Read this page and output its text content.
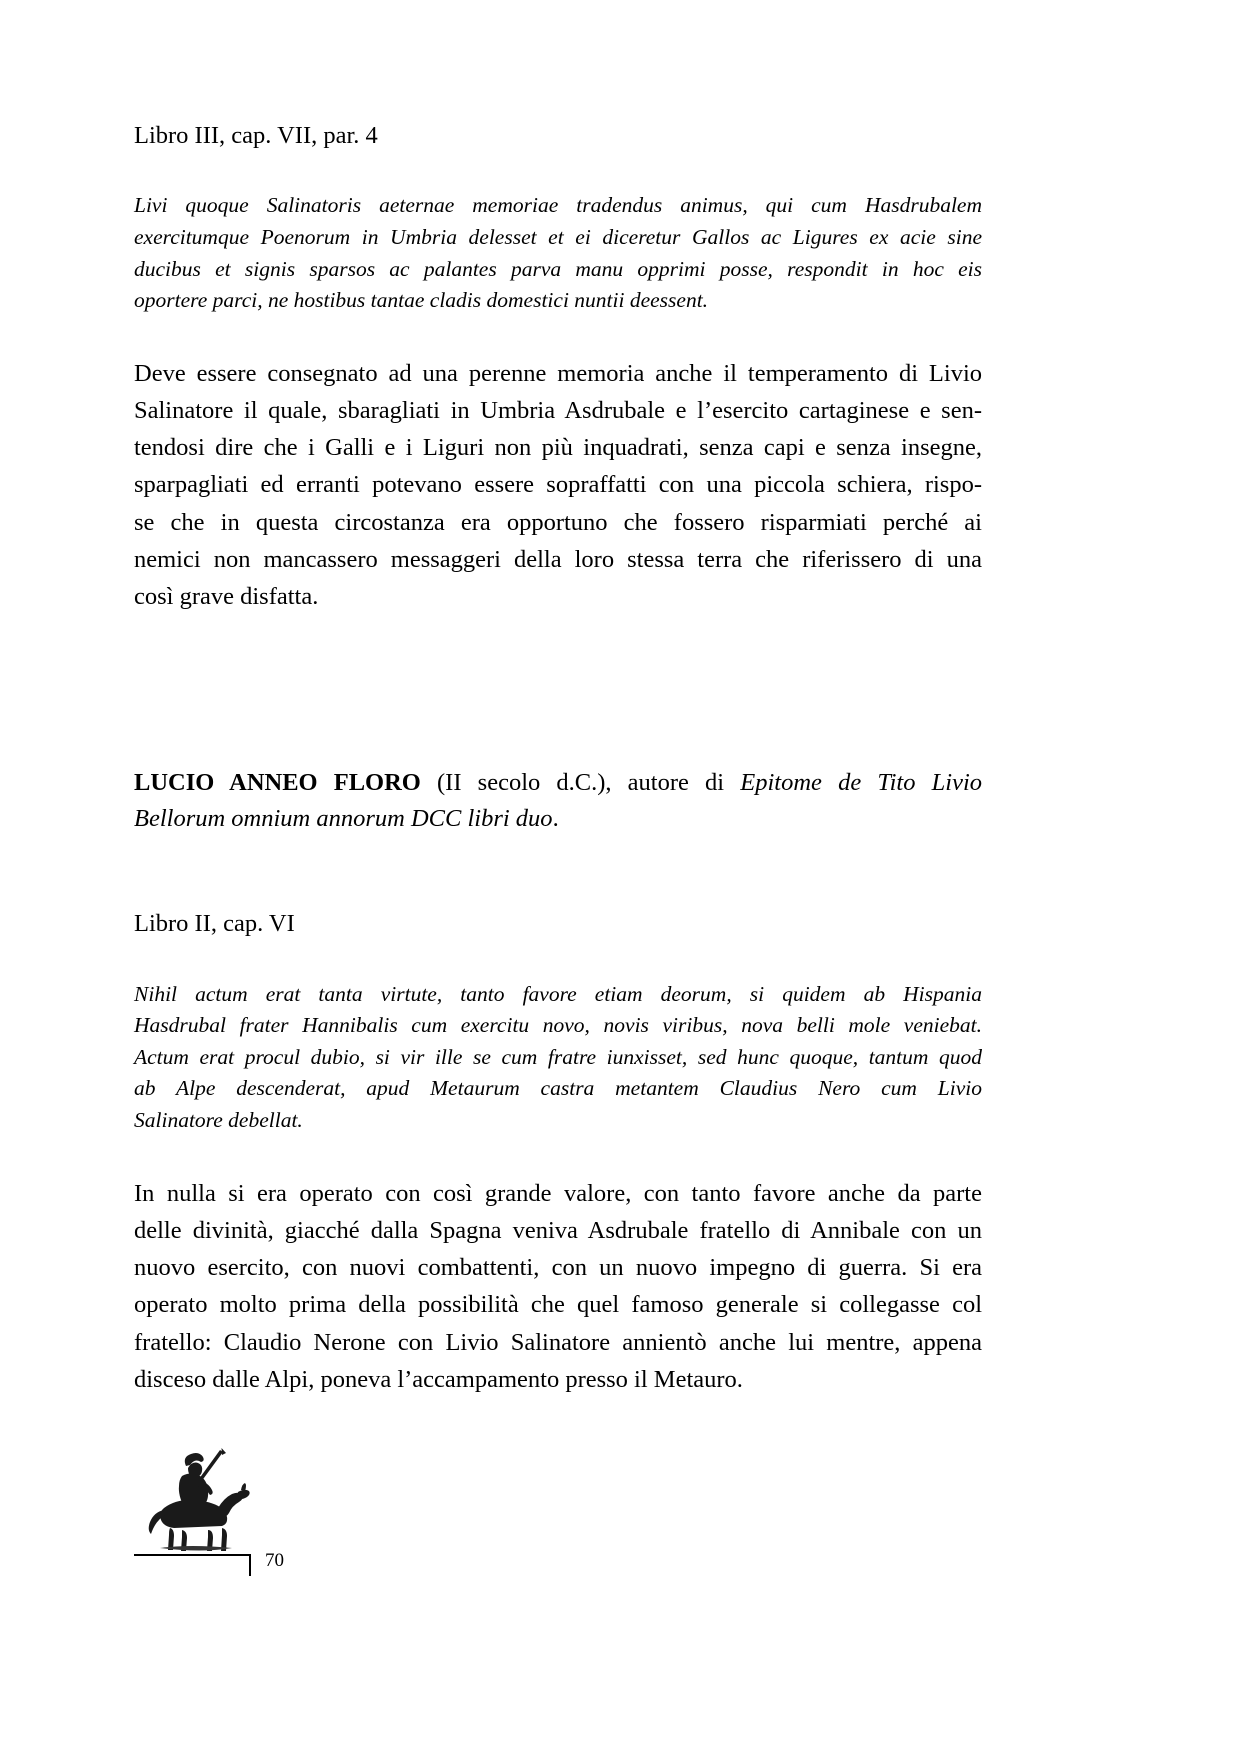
Libro III, cap. VII, par. 4

Livi quoque Salinatoris aeternae memoriae tradendus animus, qui cum Hasdrubalem
exercitumque Poenorum in Umbria delesset et ei diceretur Gallos ac Ligures ex acie sine
ducibus et signis sparsos ac palantes parva manu opprimi posse, respondit in hoc eis
oportere parci, ne hostibus tantae cladis domestici nuntii deessent.
Deve essere consegnato ad una perenne memoria anche il temperamento di Livio
Salinatore il quale, sbaragliati in Umbria Asdrubale e l’esercito cartaginese e sen-
tendosi dire che i Galli e i Liguri non più inquadrati, senza capi e senza insegne,
sparpagliati ed erranti potevano essere sopraffatti con una piccola schiera, rispo-
se che in questa circostanza era opportuno che fossero risparmiati perché ai
nemici non mancassero messaggeri della loro stessa terra che riferissero di una
così grave disfatta.
LUCIO ANNEO FLORO (II secolo d.C.), autore di Epitome de Tito Livio
Bellorum omnium annorum DCC libri duo.

Libro II, cap. VI

Nihil actum erat tanta virtute, tanto favore etiam deorum, si quidem ab Hispania
Hasdrubal frater Hannibalis cum exercitu novo, novis viribus, nova belli mole veniebat.
Actum erat procul dubio, si vir ille se cum fratre iunxisset, sed hunc quoque, tantum quod
ab Alpe descenderat, apud Metaurum castra metantem Claudius Nero cum Livio
Salinatore debellat.
In nulla si era operato con così grande valore, con tanto favore anche da parte
delle divinità, giacché dalla Spagna veniva Asdrubale fratello di Annibale con un
nuovo esercito, con nuovi combattenti, con un nuovo impegno di guerra. Si era
operato molto prima della possibilità che quel famoso generale si collegasse col
fratello: Claudio Nerone con Livio Salinatore annientò anche lui mentre, appena
disceso dalle Alpi, poneva l’accampamento presso il Metauro.
70
